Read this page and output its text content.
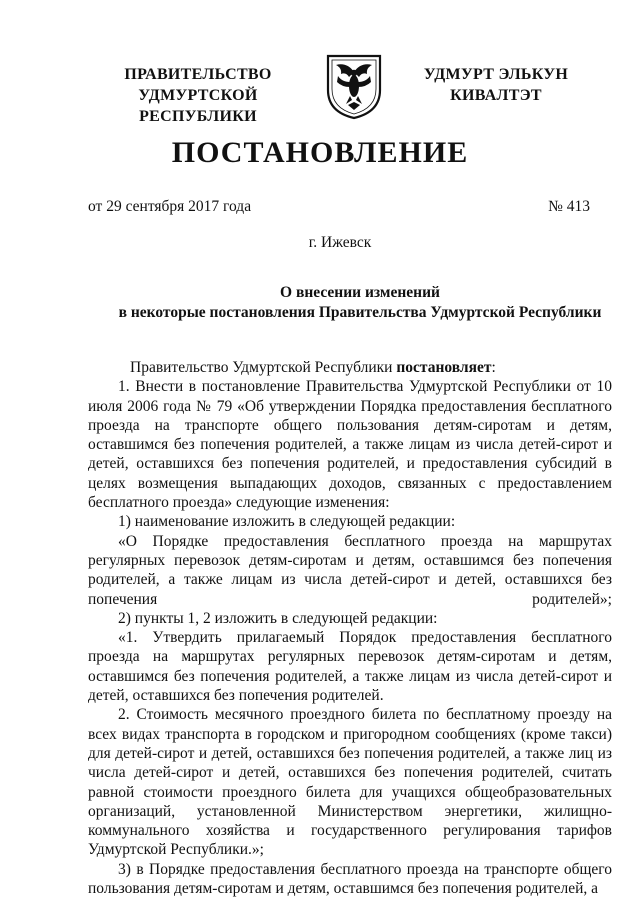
ПРАВИТЕЛЬСТВО
УДМУРТСКОЙ РЕСПУБЛИКИ
УДМУРТ ЭЛЬКУН
КИВАЛТЭТ
ПОСТАНОВЛЕНИЕ
от 29 сентября 2017 года	№ 413
г. Ижевск
О внесении изменений
в некоторые постановления Правительства Удмуртской Республики

Правительство Удмуртской Республики постановляет:

1. Внести в постановление Правительства Удмуртской Республики от 10 июля 2006 года № 79 «Об утверждении Порядка предоставления бесплатного проезда на транспорте общего пользования детям-сиротам и детям, оставшимся без попечения родителей, а также лицам из числа детей-сирот и детей, оставшихся без попечения родителей, и предоставления субсидий в целях возмещения выпадающих доходов, связанных с предоставлением бесплатного проезда» следующие изменения:

1) наименование изложить в следующей редакции:

«О Порядке предоставления бесплатного проезда на маршрутах регулярных перевозок детям-сиротам и детям, оставшимся без попечения родителей, а также лицам из числа детей-сирот и детей, оставшихся без попечения родителей»;

2) пункты 1, 2 изложить в следующей редакции:

«1. Утвердить прилагаемый Порядок предоставления бесплатного проезда на маршрутах регулярных перевозок детям-сиротам и детям, оставшимся без попечения родителей, а также лицам из числа детей-сирот и детей, оставшихся без попечения родителей.

2. Стоимость месячного проездного билета по бесплатному проезду на всех видах транспорта в городском и пригородном сообщениях (кроме такси) для детей-сирот и детей, оставшихся без попечения родителей, а также лиц из числа детей-сирот и детей, оставшихся без попечения родителей, считать равной стоимости проездного билета для учащихся общеобразовательных организаций, установленной Министерством энергетики, жилищно-коммунального хозяйства и государственного регулирования тарифов Удмуртской Республики.»;

3) в Порядке предоставления бесплатного проезда на транспорте общего пользования детям-сиротам и детям, оставшимся без попечения родителей, а
